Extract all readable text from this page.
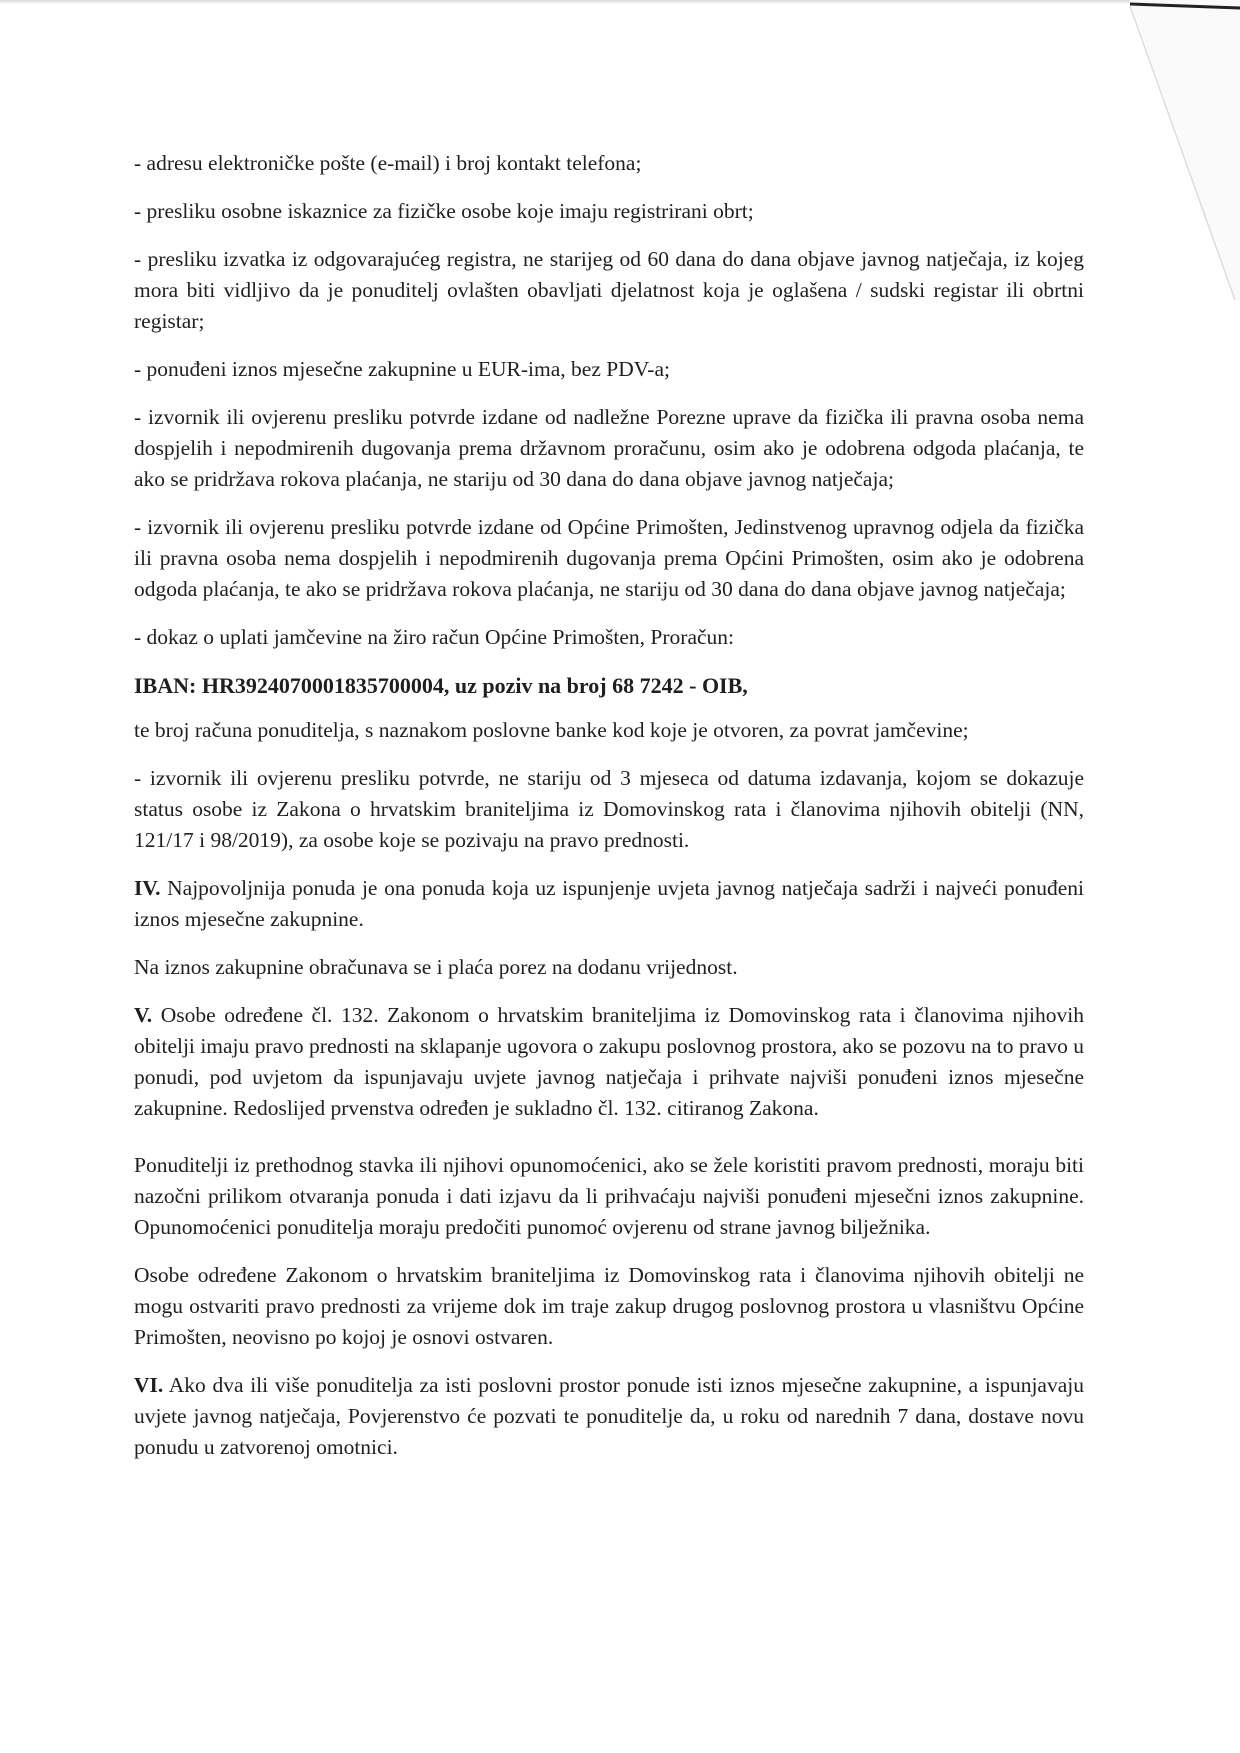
- adresu elektroničke pošte (e-mail) i broj kontakt telefona;

- presliku osobne iskaznice za fizičke osobe koje imaju registrirani obrt;

- presliku izvatka iz odgovarajućeg registra, ne starijeg od 60 dana do dana objave javnog natječaja, iz kojeg mora biti vidljivo da je ponuditelj ovlašten obavljati djelatnost koja je oglašena / sudski registar ili obrtni registar;

- ponuđeni iznos mjesečne zakupnine u EUR-ima, bez PDV-a;

- izvornik ili ovjerenu presliku potvrde izdane od nadležne Porezne uprave da fizička ili pravna osoba nema dospjelih i nepodmirenih dugovanja prema državnom proračunu, osim ako je odobrena odgoda plaćanja, te ako se pridržava rokova plaćanja, ne stariju od 30 dana do dana objave javnog natječaja;

- izvornik ili ovjerenu presliku potvrde izdane od Općine Primošten, Jedinstvenog upravnog odjela da fizička ili pravna osoba nema dospjelih i nepodmirenih dugovanja prema Općini Primošten, osim ako je odobrena odgoda plaćanja, te ako se pridržava rokova plaćanja, ne stariju od 30 dana do dana objave javnog natječaja;

- dokaz o uplati jamčevine na žiro račun Općine Primošten, Proračun:

IBAN: HR3924070001835700004, uz poziv na broj 68 7242 - OIB,

te broj računa ponuditelja, s naznakom poslovne banke kod koje je otvoren, za povrat jamčevine;

- izvornik ili ovjerenu presliku potvrde, ne stariju od 3 mjeseca od datuma izdavanja, kojom se dokazuje status osobe iz Zakona o hrvatskim braniteljima iz Domovinskog rata i članovima njihovih obitelji (NN, 121/17 i 98/2019), za osobe koje se pozivaju na pravo prednosti.

IV. Najpovoljnija ponuda je ona ponuda koja uz ispunjenje uvjeta javnog natječaja sadrži i najveći ponuđeni iznos mjesečne zakupnine.

Na iznos zakupnine obračunava se i plaća porez na dodanu vrijednost.

V. Osobe određene čl. 132. Zakonom o hrvatskim braniteljima iz Domovinskog rata i članovima njihovih obitelji imaju pravo prednosti na sklapanje ugovora o zakupu poslovnog prostora, ako se pozovu na to pravo u ponudi, pod uvjetom da ispunjavaju uvjete javnog natječaja i prihvate najviši ponuđeni iznos mjesečne zakupnine. Redoslijed prvenstva određen je sukladno čl. 132. citiranog Zakona.

Ponuditelji iz prethodnog stavka ili njihovi opunomoćenici, ako se žele koristiti pravom prednosti, moraju biti nazočni prilikom otvaranja ponuda i dati izjavu da li prihvaćaju najviši ponuđeni mjesečni iznos zakupnine. Opunomoćenici ponuditelja moraju predočiti punomoć ovjerenu od strane javnog bilježnika.

Osobe određene Zakonom o hrvatskim braniteljima iz Domovinskog rata i članovima njihovih obitelji ne mogu ostvariti pravo prednosti za vrijeme dok im traje zakup drugog poslovnog prostora u vlasništvu Općine Primošten, neovisno po kojoj je osnovi ostvaren.

VI. Ako dva ili više ponuditelja za isti poslovni prostor ponude isti iznos mjesečne zakupnine, a ispunjavaju uvjete javnog natječaja, Povjerenstvo će pozvati te ponuditelje da, u roku od narednih 7 dana, dostave novu ponudu u zatvorenoj omotnici.
